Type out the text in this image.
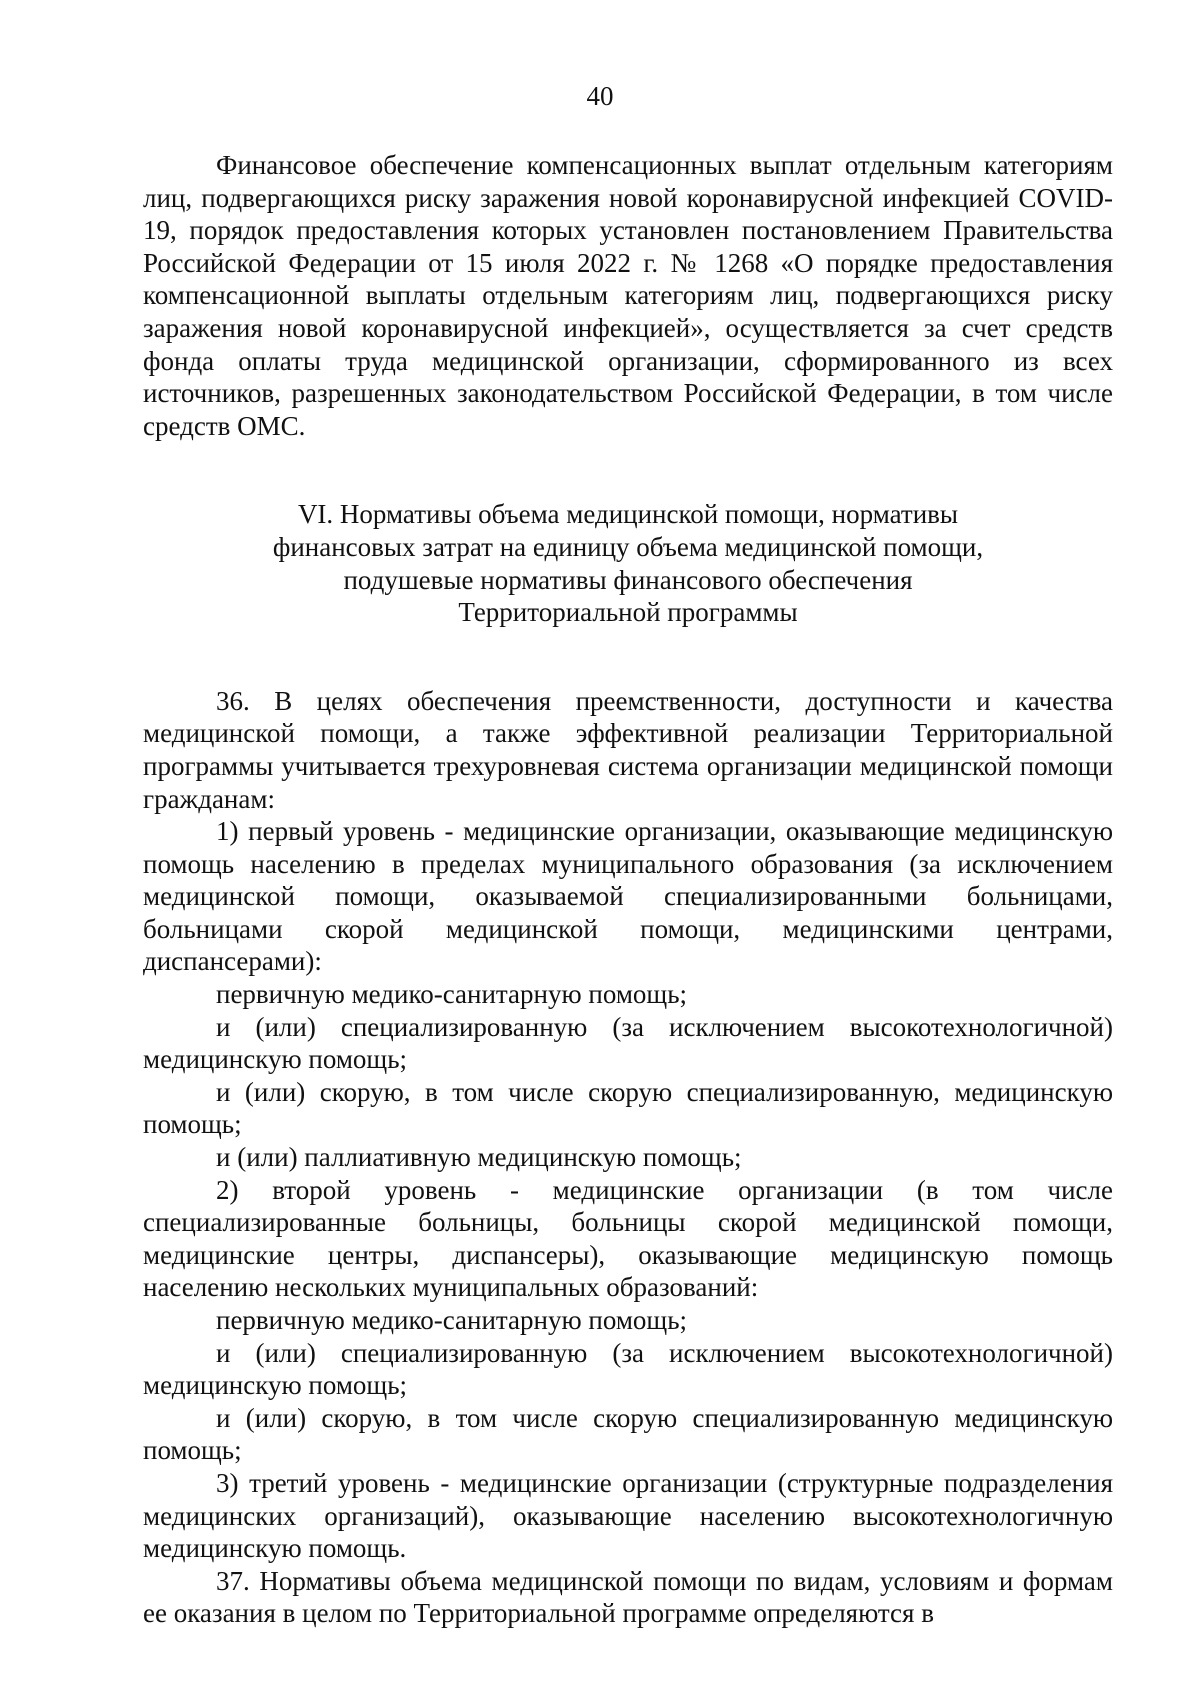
40

Финансовое обеспечение компенсационных выплат отдельным категориям лиц, подвергающихся риску заражения новой коронавирусной инфекцией COVID-19, порядок предоставления которых установлен постановлением Правительства Российской Федерации от 15 июля 2022 г. № 1268 «О порядке предоставления компенсационной выплаты отдельным категориям лиц, подвергающихся риску заражения новой коронавирусной инфекцией», осуществляется за счет средств фонда оплаты труда медицинской организации, сформированного из всех источников, разрешенных законодательством Российской Федерации, в том числе средств ОМС.

VI. Нормативы объема медицинской помощи, нормативы
финансовых затрат на единицу объема медицинской помощи,
подушевые нормативы финансового обеспечения
Территориальной программы

36. В целях обеспечения преемственности, доступности и качества медицинской помощи, а также эффективной реализации Территориальной программы учитывается трехуровневая система организации медицинской помощи гражданам:

1) первый уровень - медицинские организации, оказывающие медицинскую помощь населению в пределах муниципального образования (за исключением медицинской помощи, оказываемой специализированными больницами, больницами скорой медицинской помощи, медицинскими центрами, диспансерами):

первичную медико-санитарную помощь;

и (или) специализированную (за исключением высокотехнологичной) медицинскую помощь;

и (или) скорую, в том числе скорую специализированную, медицинскую помощь;

и (или) паллиативную медицинскую помощь;

2) второй уровень - медицинские организации (в том числе специализированные больницы, больницы скорой медицинской помощи, медицинские центры, диспансеры), оказывающие медицинскую помощь населению нескольких муниципальных образований:

первичную медико-санитарную помощь;

и (или) специализированную (за исключением высокотехнологичной) медицинскую помощь;

и (или) скорую, в том числе скорую специализированную медицинскую помощь;

3) третий уровень - медицинские организации (структурные подразделения медицинских организаций), оказывающие населению высокотехнологичную медицинскую помощь.

37. Нормативы объема медицинской помощи по видам, условиям и формам ее оказания в целом по Территориальной программе определяются в
